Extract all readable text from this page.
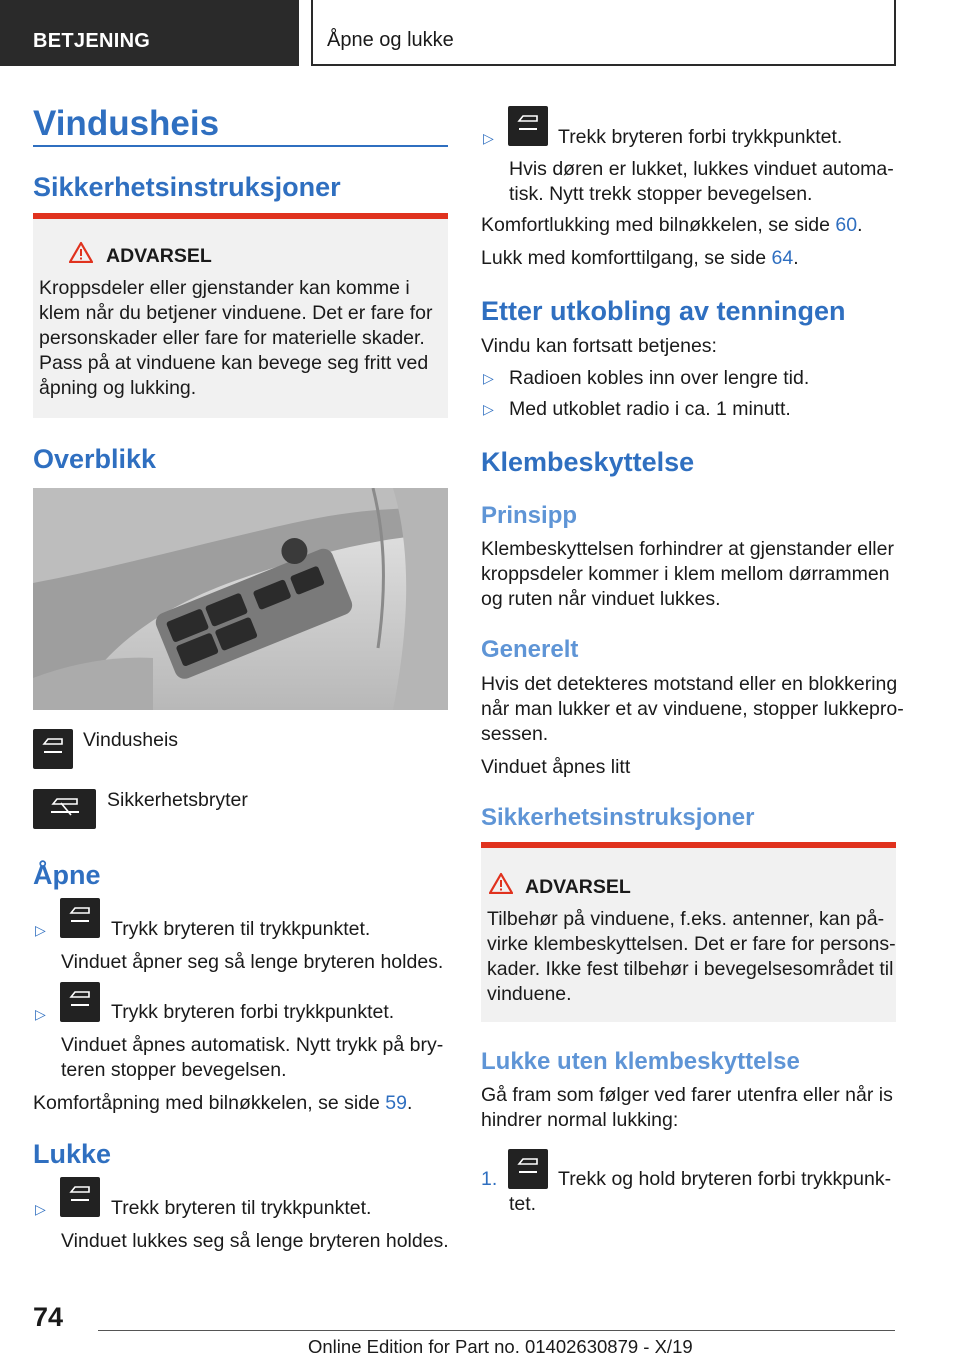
BETJENING	Åpne og lukke
Vindusheis
Sikkerhetsinstruksjoner
ADVARSEL
Kroppsdeler eller gjenstander kan komme i
klem når du betjener vinduene. Det er fare for
personskader eller fare for materielle skader.
Pass på at vinduene kan bevege seg fritt ved
åpning og lukking.
Overblikk
Vindusheis
Sikkerhetsbryter
Åpne
▷	Trykk bryteren til trykkpunktet.
Vinduet åpner seg så lenge bryteren holdes.
▷	Trykk bryteren forbi trykkpunktet.
Vinduet åpnes automatisk. Nytt trykk på bry-
teren stopper bevegelsen.
Komfortåpning med bilnøkkelen, se side 59.
Lukke
▷	Trekk bryteren til trykkpunktet.
Vinduet lukkes seg så lenge bryteren holdes.
▷	Trekk bryteren forbi trykkpunktet.
Hvis døren er lukket, lukkes vinduet automa-
tisk. Nytt trekk stopper bevegelsen.
Komfortlukking med bilnøkkelen, se side 60.
Lukk med komforttilgang, se side 64.
Etter utkobling av tenningen
Vindu kan fortsatt betjenes:
▷ Radioen kobles inn over lengre tid.
▷ Med utkoblet radio i ca. 1 minutt.
Klembeskyttelse
Prinsipp
Klembeskyttelsen forhindrer at gjenstander eller
kroppsdeler kommer i klem mellom dørrammen
og ruten når vinduet lukkes.
Generelt
Hvis det detekteres motstand eller en blokkering
når man lukker et av vinduene, stopper lukkepro-
sessen.
Vinduet åpnes litt
Sikkerhetsinstruksjoner
ADVARSEL
Tilbehør på vinduene, f.eks. antenner, kan på-
virke klembeskyttelsen. Det er fare for persons-
kader. Ikke fest tilbehør i bevegelsesområdet til
vinduene.
Lukke uten klembeskyttelse
Gå fram som følger ved farer utenfra eller når is
hindrer normal lukking:
1.	Trekk og hold bryteren forbi trykkpunk-
tet.
74
Online Edition for Part no. 01402630879 - X/19
